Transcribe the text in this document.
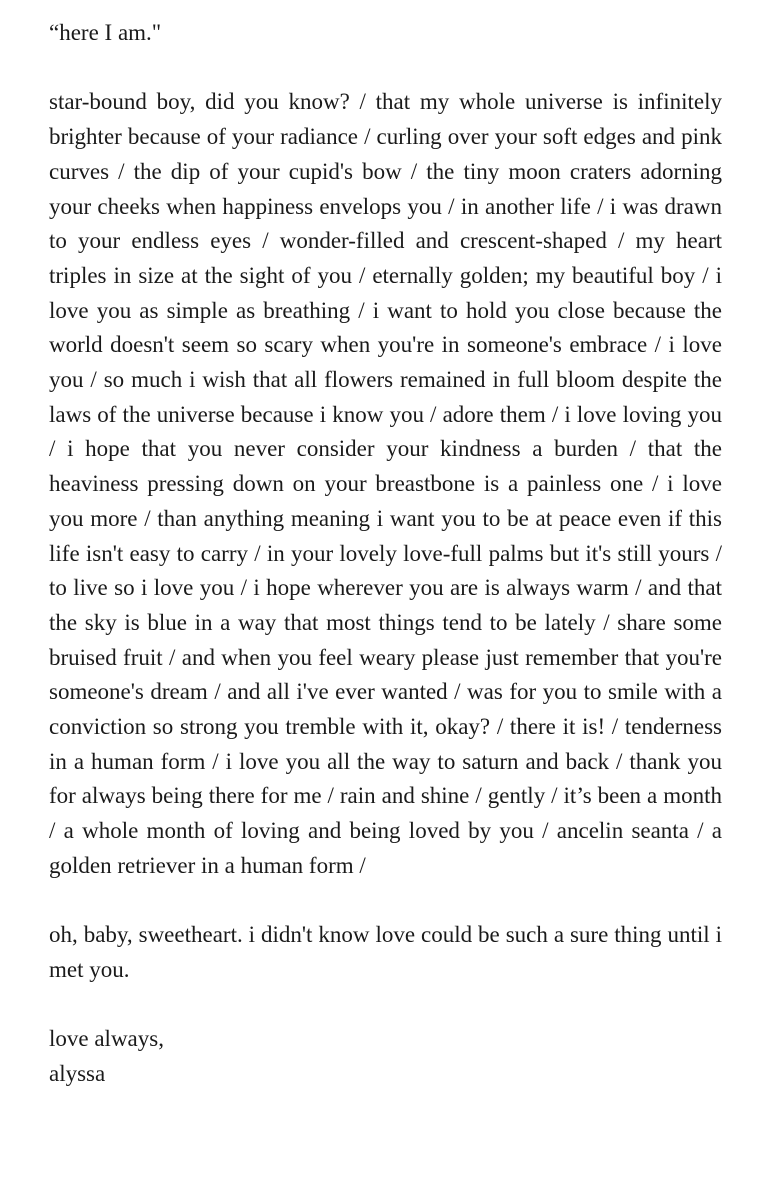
“here I am."

star-bound boy, did you know? / that my whole universe is infinitely brighter because of your radiance / curling over your soft edges and pink curves / the dip of your cupid's bow / the tiny moon craters adorning your cheeks when happiness envelops you / in another life / i was drawn to your endless eyes / wonder-filled and crescent-shaped / my heart triples in size at the sight of you / eternally golden; my beautiful boy / i love you as simple as breathing / i want to hold you close because the world doesn't seem so scary when you're in someone's embrace / i love you / so much i wish that all flowers remained in full bloom despite the laws of the universe because i know you / adore them / i love loving you / i hope that you never consider your kindness a burden / that the heaviness pressing down on your breastbone is a painless one / i love you more / than anything meaning i want you to be at peace even if this life isn't easy to carry / in your lovely love-full palms but it's still yours / to live so i love you / i hope wherever you are is always warm / and that the sky is blue in a way that most things tend to be lately / share some bruised fruit / and when you feel weary please just remember that you're someone's dream / and all i've ever wanted / was for you to smile with a conviction so strong you tremble with it, okay? / there it is! / tenderness in a human form / i love you all the way to saturn and back / thank you for always being there for me / rain and shine / gently / it’s been a month / a whole month of loving and being loved by you / ancelin seanta / a golden retriever in a human form /

oh, baby, sweetheart. i didn't know love could be such a sure thing until i met you.

love always,
alyssa
